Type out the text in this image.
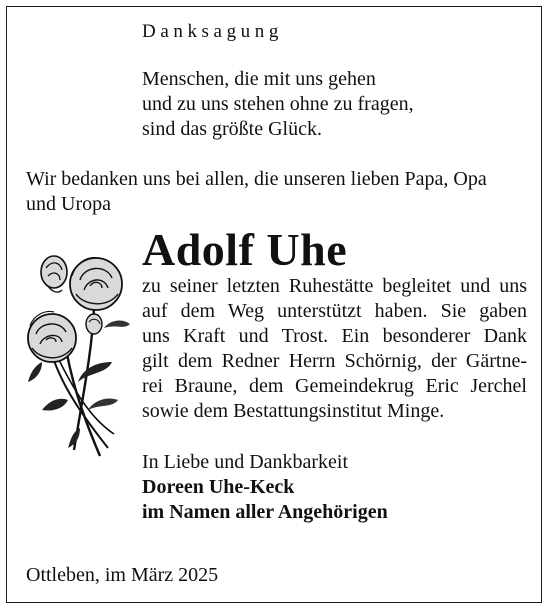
Danksagung
Menschen, die mit uns gehen
und zu uns stehen ohne zu fragen,
sind das größte Glück.
Wir bedanken uns bei allen, die unseren lieben Papa, Opa
und Uropa
Adolf Uhe
zu seiner letzten Ruhestätte begleitet und uns
auf dem Weg unterstützt haben. Sie gaben
uns Kraft und Trost. Ein besonderer Dank
gilt dem Redner Herrn Schörnig, der Gärtne-
rei Braune, dem Gemeindekrug Eric Jerchel
sowie dem Bestattungsinstitut Minge.
In Liebe und Dankbarkeit
Doreen Uhe-Keck
im Namen aller Angehörigen
Ottleben, im März 2025
